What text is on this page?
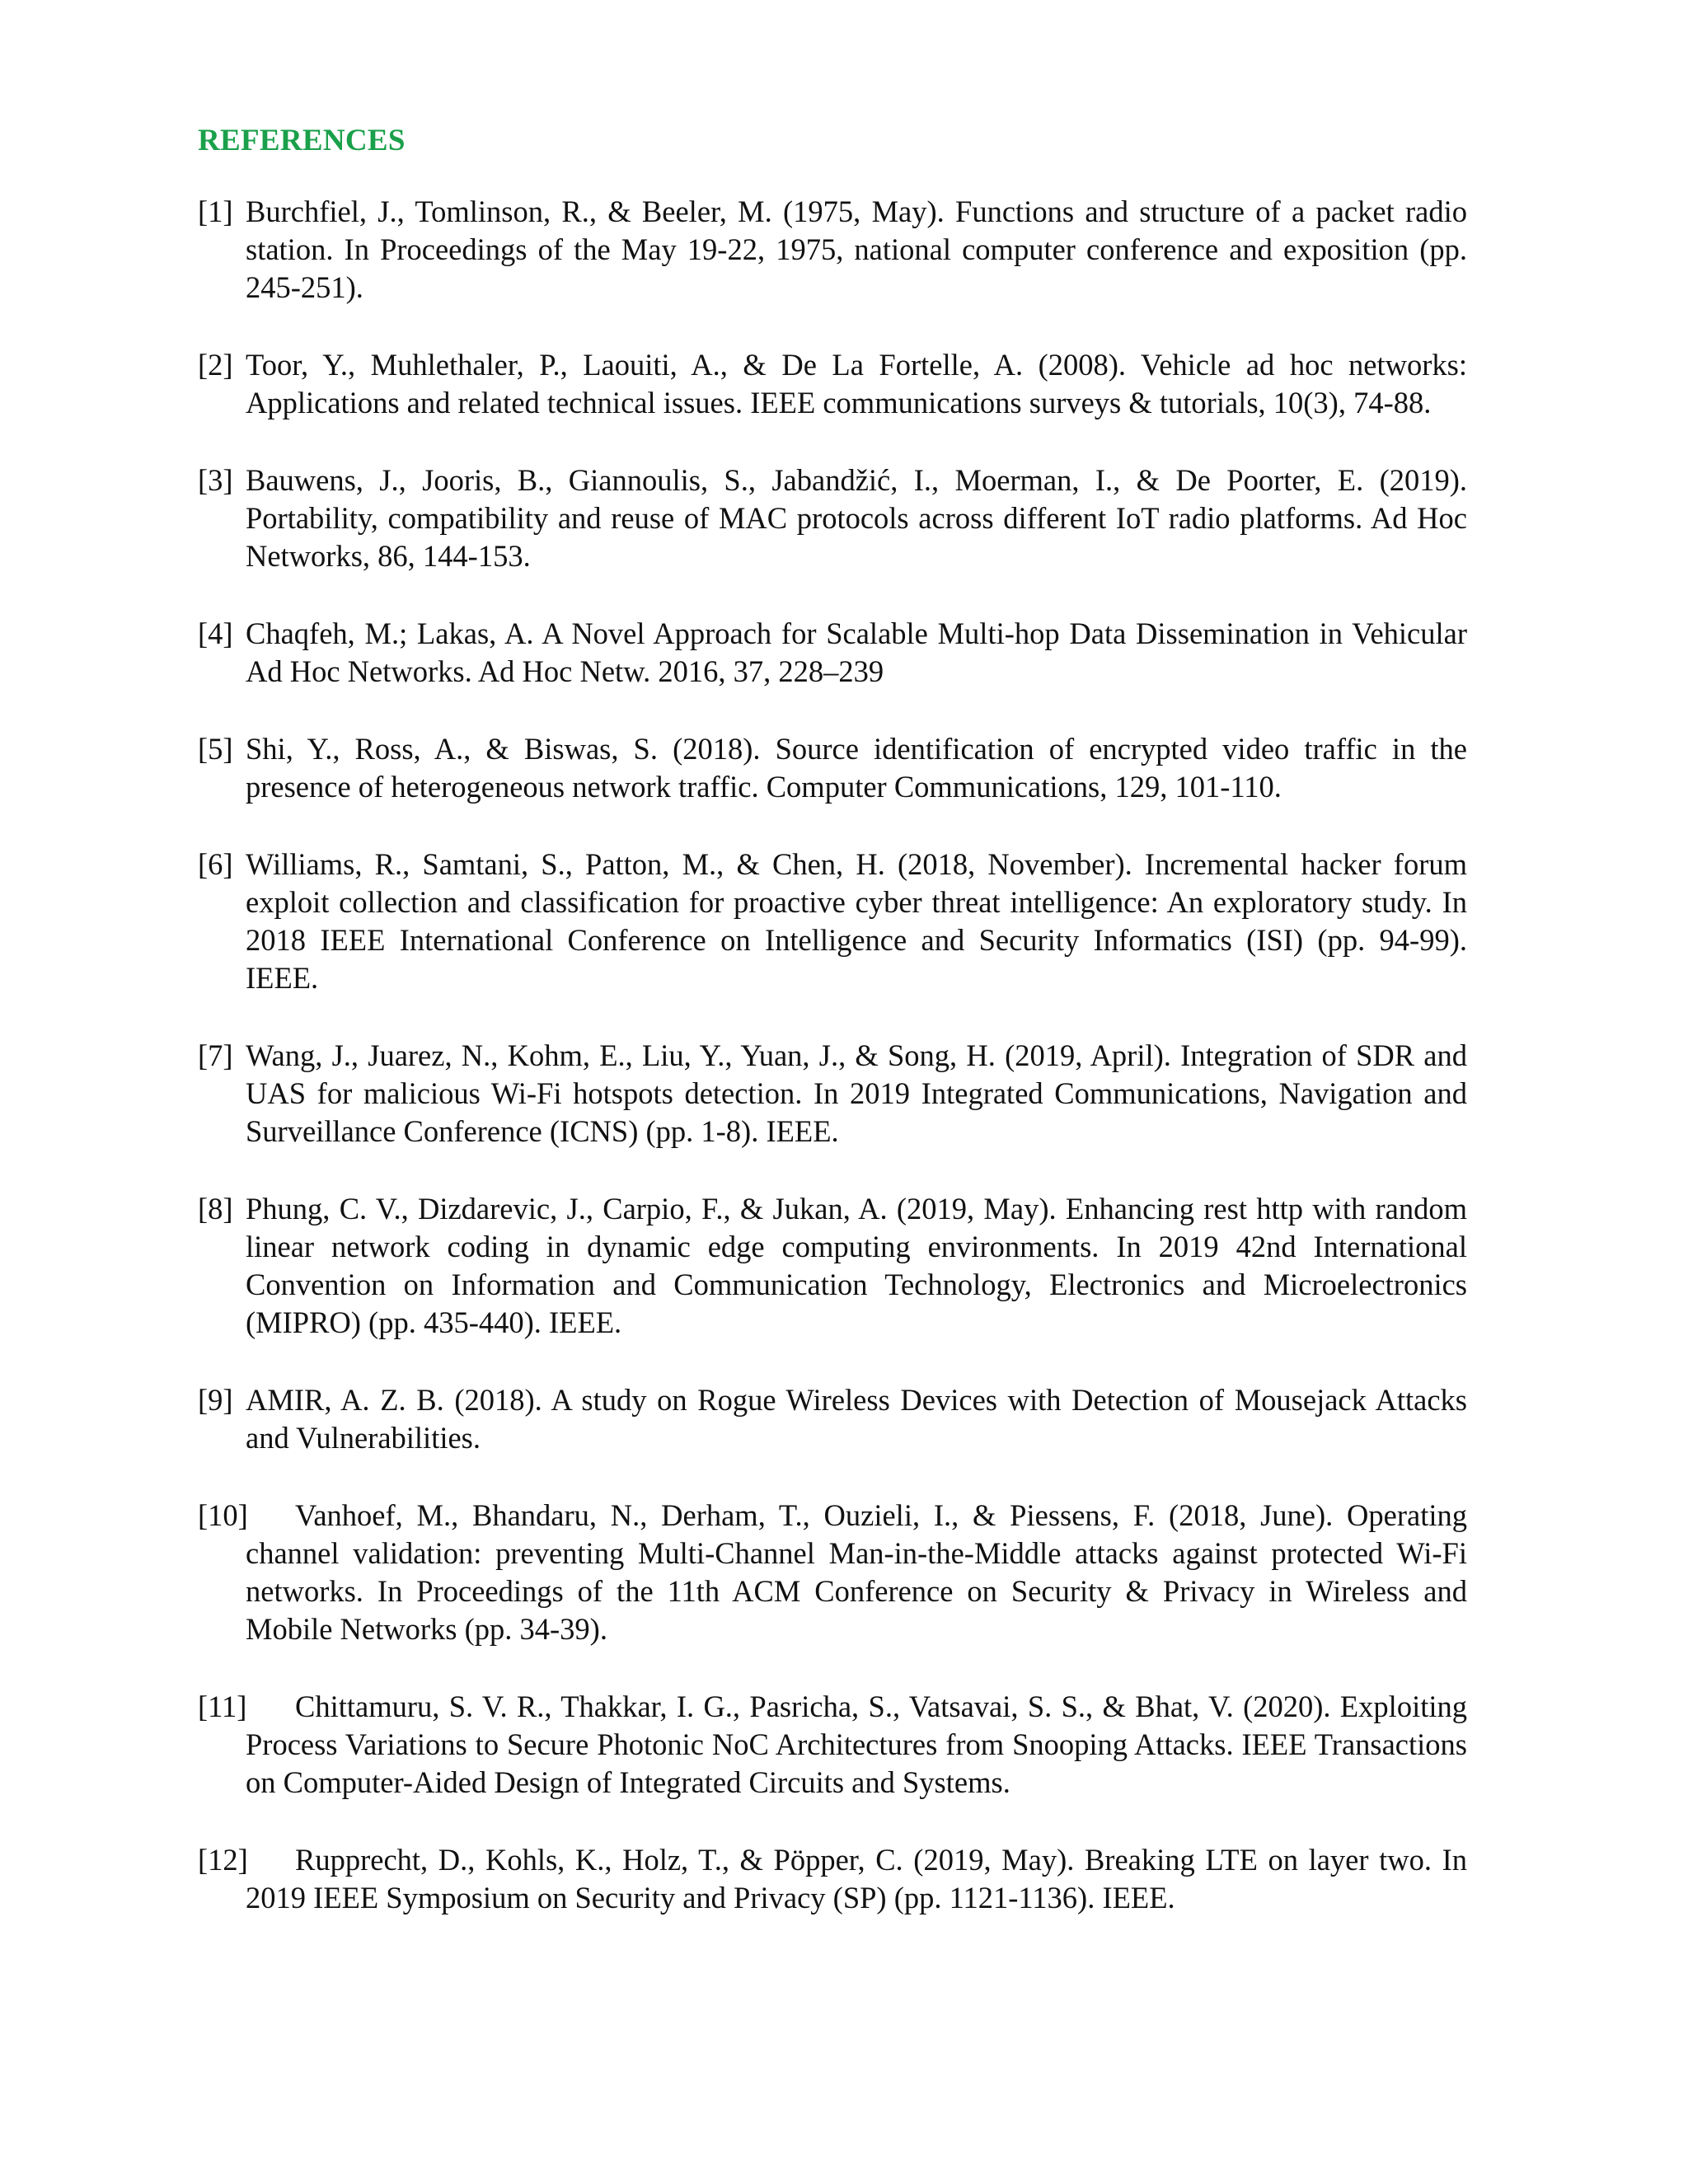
REFERENCES
[1] Burchfiel, J., Tomlinson, R., & Beeler, M. (1975, May). Functions and structure of a packet radio station. In Proceedings of the May 19-22, 1975, national computer conference and exposition (pp. 245-251).
[2] Toor, Y., Muhlethaler, P., Laouiti, A., & De La Fortelle, A. (2008). Vehicle ad hoc networks: Applications and related technical issues. IEEE communications surveys & tutorials, 10(3), 74-88.
[3] Bauwens, J., Jooris, B., Giannoulis, S., Jabandžić, I., Moerman, I., & De Poorter, E. (2019). Portability, compatibility and reuse of MAC protocols across different IoT radio platforms. Ad Hoc Networks, 86, 144-153.
[4] Chaqfeh, M.; Lakas, A. A Novel Approach for Scalable Multi-hop Data Dissemination in Vehicular Ad Hoc Networks. Ad Hoc Netw. 2016, 37, 228–239
[5] Shi, Y., Ross, A., & Biswas, S. (2018). Source identification of encrypted video traffic in the presence of heterogeneous network traffic. Computer Communications, 129, 101-110.
[6] Williams, R., Samtani, S., Patton, M., & Chen, H. (2018, November). Incremental hacker forum exploit collection and classification for proactive cyber threat intelligence: An exploratory study. In 2018 IEEE International Conference on Intelligence and Security Informatics (ISI) (pp. 94-99). IEEE.
[7] Wang, J., Juarez, N., Kohm, E., Liu, Y., Yuan, J., & Song, H. (2019, April). Integration of SDR and UAS for malicious Wi-Fi hotspots detection. In 2019 Integrated Communications, Navigation and Surveillance Conference (ICNS) (pp. 1-8). IEEE.
[8] Phung, C. V., Dizdarevic, J., Carpio, F., & Jukan, A. (2019, May). Enhancing rest http with random linear network coding in dynamic edge computing environments. In 2019 42nd International Convention on Information and Communication Technology, Electronics and Microelectronics (MIPRO) (pp. 435-440). IEEE.
[9] AMIR, A. Z. B. (2018). A study on Rogue Wireless Devices with Detection of Mousejack Attacks and Vulnerabilities.
[10] Vanhoef, M., Bhandaru, N., Derham, T., Ouzieli, I., & Piessens, F. (2018, June). Operating channel validation: preventing Multi-Channel Man-in-the-Middle attacks against protected Wi-Fi networks. In Proceedings of the 11th ACM Conference on Security & Privacy in Wireless and Mobile Networks (pp. 34-39).
[11] Chittamuru, S. V. R., Thakkar, I. G., Pasricha, S., Vatsavai, S. S., & Bhat, V. (2020). Exploiting Process Variations to Secure Photonic NoC Architectures from Snooping Attacks. IEEE Transactions on Computer-Aided Design of Integrated Circuits and Systems.
[12] Rupprecht, D., Kohls, K., Holz, T., & Pöpper, C. (2019, May). Breaking LTE on layer two. In 2019 IEEE Symposium on Security and Privacy (SP) (pp. 1121-1136). IEEE.
